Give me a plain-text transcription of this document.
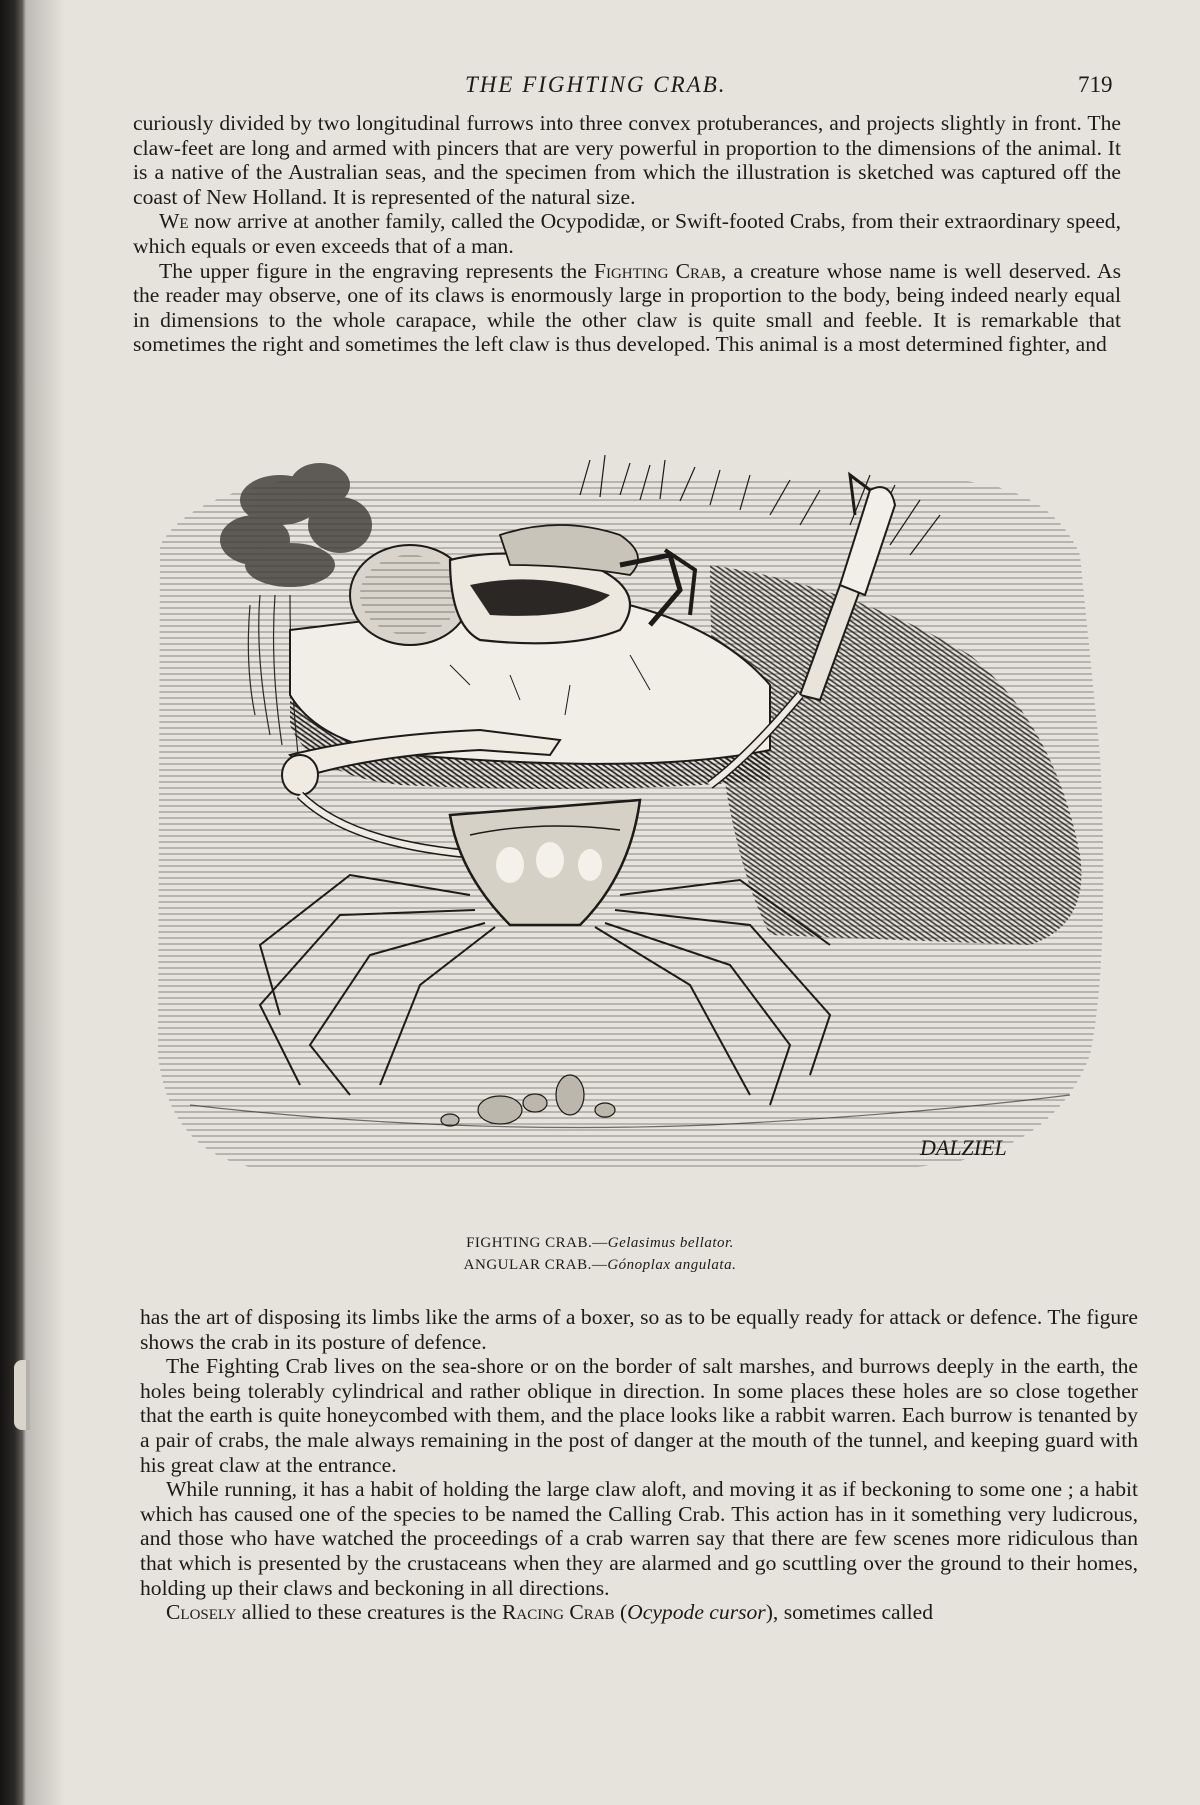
THE FIGHTING CRAB.	719

curiously divided by two longitudinal furrows into three convex protuberances, and projects slightly in front. The claw-feet are long and armed with pincers that are very powerful in proportion to the dimensions of the animal. It is a native of the Australian seas, and the specimen from which the illustration is sketched was captured off the coast of New Holland. It is represented of the natural size.

We now arrive at another family, called the Ocypodidæ, or Swift-footed Crabs, from their extraordinary speed, which equals or even exceeds that of a man.

The upper figure in the engraving represents the Fighting Crab, a creature whose name is well deserved. As the reader may observe, one of its claws is enormously large in proportion to the body, being indeed nearly equal in dimensions to the whole carapace, while the other claw is quite small and feeble. It is remarkable that sometimes the right and sometimes the left claw is thus developed. This animal is a most determined fighter, and

DALZIEL
FIGHTING CRAB.—Gelasimus bellator.
ANGULAR CRAB.—Gónoplax angulata.

has the art of disposing its limbs like the arms of a boxer, so as to be equally ready for attack or defence. The figure shows the crab in its posture of defence.

The Fighting Crab lives on the sea-shore or on the border of salt marshes, and burrows deeply in the earth, the holes being tolerably cylindrical and rather oblique in direction. In some places these holes are so close together that the earth is quite honeycombed with them, and the place looks like a rabbit warren. Each burrow is tenanted by a pair of crabs, the male always remaining in the post of danger at the mouth of the tunnel, and keeping guard with his great claw at the entrance.

While running, it has a habit of holding the large claw aloft, and moving it as if beckoning to some one ; a habit which has caused one of the species to be named the Calling Crab. This action has in it something very ludicrous, and those who have watched the proceedings of a crab warren say that there are few scenes more ridiculous than that which is presented by the crustaceans when they are alarmed and go scuttling over the ground to their homes, holding up their claws and beckoning in all directions.

Closely allied to these creatures is the Racing Crab (Ocypode cursor), sometimes called
